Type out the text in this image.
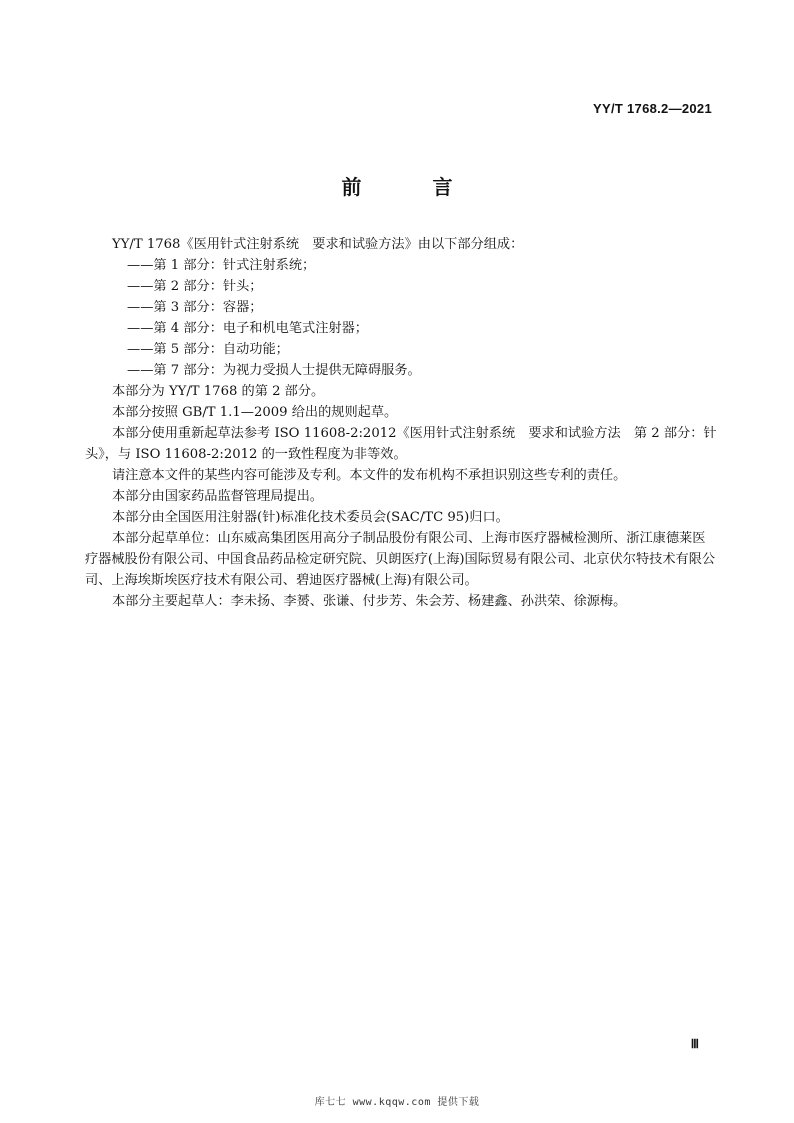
YY/T 1768.2—2021
前 言

YY/T 1768《医用针式注射系统　要求和试验方法》由以下部分组成：

——第 1 部分：针式注射系统；

——第 2 部分：针头；

——第 3 部分：容器；

——第 4 部分：电子和机电笔式注射器；

——第 5 部分：自动功能；

——第 7 部分：为视力受损人士提供无障碍服务。

本部分为 YY/T 1768 的第 2 部分。

本部分按照 GB/T 1.1—2009 给出的规则起草。

本部分使用重新起草法参考 ISO 11608-2:2012《医用针式注射系统　要求和试验方法　第 2 部分：针头》，与 ISO 11608-2:2012 的一致性程度为非等效。

请注意本文件的某些内容可能涉及专利。本文件的发布机构不承担识别这些专利的责任。

本部分由国家药品监督管理局提出。

本部分由全国医用注射器(针)标准化技术委员会(SAC/TC 95)归口。

本部分起草单位：山东威高集团医用高分子制品股份有限公司、上海市医疗器械检测所、浙江康德莱医疗器械股份有限公司、中国食品药品检定研究院、贝朗医疗(上海)国际贸易有限公司、北京伏尔特技术有限公司、上海埃斯埃医疗技术有限公司、碧迪医疗器械(上海)有限公司。

本部分主要起草人：李未扬、李赟、张谦、付步芳、朱会芳、杨建鑫、孙洪荣、徐源梅。

Ⅲ
库七七 www.kqqw.com 提供下载
